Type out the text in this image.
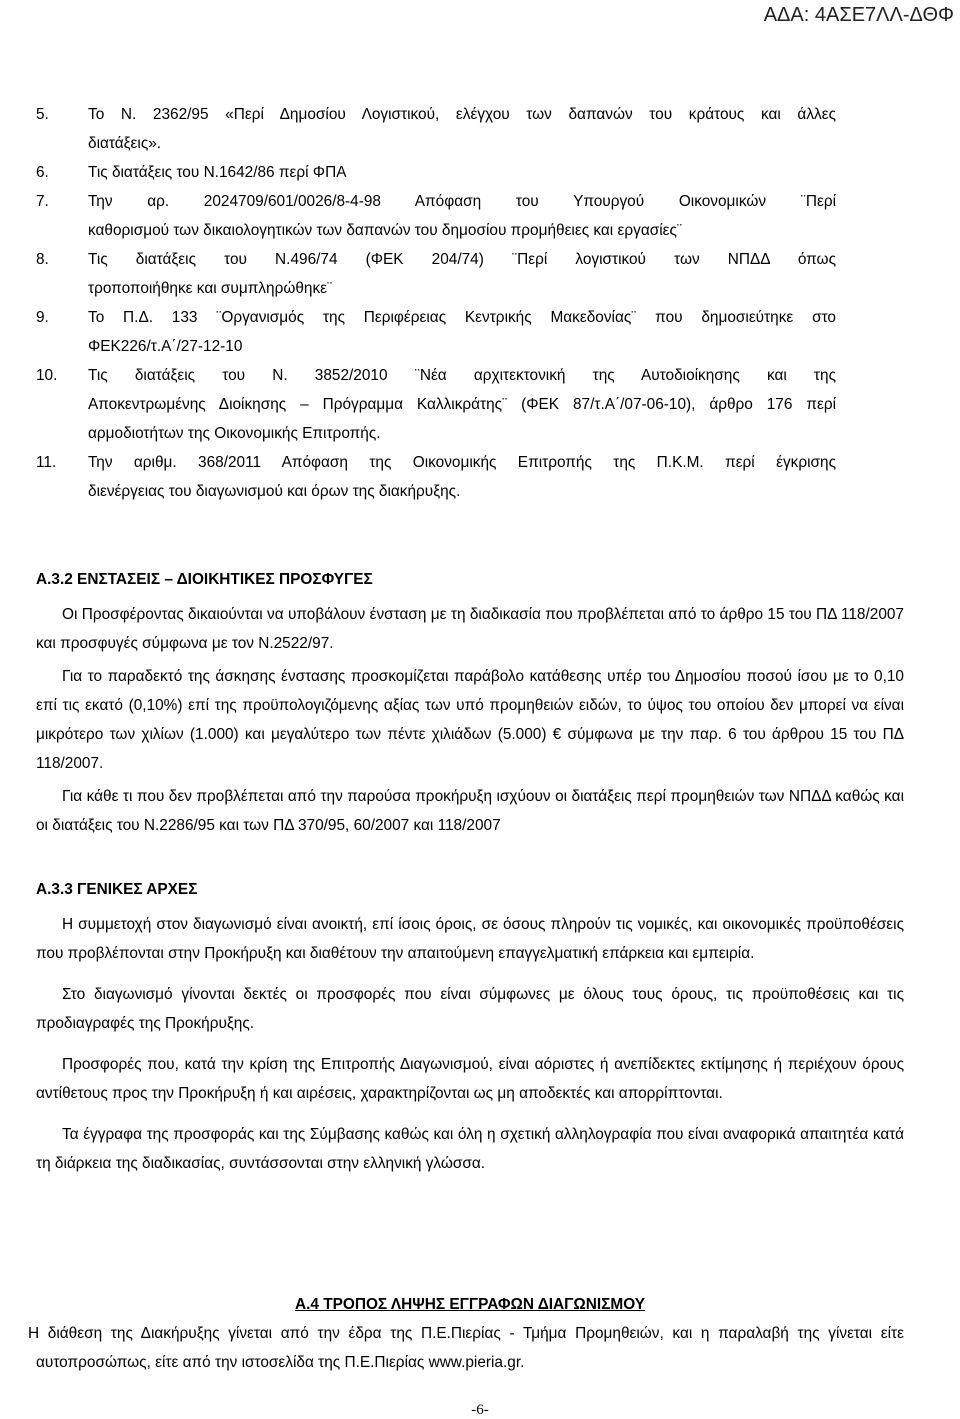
ΑΔΑ: 4ΑΣΕ7ΛΛ-ΔΘΦ
5.	Το Ν. 2362/95 «Περί Δημοσίου Λογιστικού, ελέγχου των δαπανών του κράτους και άλλες
διατάξεις».
6.	Τις διατάξεις του Ν.1642/86 περί ΦΠΑ
7.	Την αρ. 2024709/601/0026/8-4-98 Απόφαση του Υπουργού Οικονομικών ¨Περί
καθορισμού των δικαιολογητικών των δαπανών του δημοσίου προμήθειες και εργασίες¨
8.	Τις διατάξεις του Ν.496/74 (ΦΕΚ 204/74) ¨Περί λογιστικού των ΝΠΔΔ όπως
τροποποιήθηκε και συμπληρώθηκε¨
9.	Το Π.Δ. 133 ¨Οργανισμός της Περιφέρειας Κεντρικής Μακεδονίας¨ που δημοσιεύτηκε στο
ΦΕΚ226/τ.Α΄/27-12-10
10.	Τις διατάξεις του Ν. 3852/2010 ¨Νέα αρχιτεκτονική της Αυτοδιοίκησης και της
Αποκεντρωμένης Διοίκησης – Πρόγραμμα Καλλικράτης¨ (ΦΕΚ 87/τ.Α΄/07-06-10), άρθρο 176 περί
αρμοδιοτήτων της Οικονομικής Επιτροπής.
11.	Την αριθμ. 368/2011 Απόφαση της Οικονομικής Επιτροπής της Π.Κ.Μ. περί έγκρισης
διενέργειας του διαγωνισμού και όρων της διακήρυξης.
Α.3.2 ΕΝΣΤΑΣΕΙΣ – ΔΙΟΙΚΗΤΙΚΕΣ ΠΡΟΣΦΥΓΕΣ

Οι Προσφέροντας δικαιούνται να υποβάλουν ένσταση με τη διαδικασία που προβλέπεται από το άρθρο 15 του ΠΔ 118/2007 και προσφυγές σύμφωνα με τον Ν.2522/97.

Για το παραδεκτό της άσκησης ένστασης προσκομίζεται παράβολο κατάθεσης υπέρ του Δημοσίου ποσού ίσου με το 0,10 επί τις εκατό (0,10%) επί της προϋπολογιζόμενης αξίας των υπό προμηθειών ειδών, το ύψος του οποίου δεν μπορεί να είναι μικρότερο των χιλίων (1.000) και μεγαλύτερο των πέντε χιλιάδων (5.000) € σύμφωνα με την παρ. 6 του άρθρου 15 του ΠΔ 118/2007.

Για κάθε τι που δεν προβλέπεται από την παρούσα προκήρυξη ισχύουν οι διατάξεις περί προμηθειών των ΝΠΔΔ καθώς και οι διατάξεις του Ν.2286/95 και των ΠΔ 370/95, 60/2007 και 118/2007

Α.3.3 ΓΕΝΙΚΕΣ ΑΡΧΕΣ

Η συμμετοχή στον διαγωνισμό είναι ανοικτή, επί ίσοις όροις, σε όσους πληρούν τις νομικές, και οικονομικές προϋποθέσεις που προβλέπονται στην Προκήρυξη και διαθέτουν την απαιτούμενη επαγγελματική επάρκεια και εμπειρία.

Στο διαγωνισμό γίνονται δεκτές οι προσφορές που είναι σύμφωνες με όλους τους όρους, τις προϋποθέσεις και τις προδιαγραφές της Προκήρυξης.

Προσφορές που, κατά την κρίση της Επιτροπής Διαγωνισμού, είναι αόριστες ή ανεπίδεκτες εκτίμησης ή περιέχουν όρους αντίθετους προς την Προκήρυξη ή και αιρέσεις, χαρακτηρίζονται ως μη αποδεκτές και απορρίπτονται.

Τα έγγραφα της προσφοράς και της Σύμβασης καθώς και όλη η σχετική αλληλογραφία που είναι αναφορικά απαιτητέα κατά τη διάρκεια της διαδικασίας, συντάσσονται στην ελληνική γλώσσα.

Α.4 ΤΡΟΠΟΣ ΛΗΨΗΣ ΕΓΓΡΑΦΩΝ ΔΙΑΓΩΝΙΣΜΟΥ

Η διάθεση της Διακήρυξης γίνεται από την έδρα της Π.Ε.Πιερίας - Τμήμα Προμηθειών, και η παραλαβή της γίνεται είτε αυτοπροσώπως, είτε από την ιστοσελίδα της Π.Ε.Πιερίας www.pieria.gr.

-6-
